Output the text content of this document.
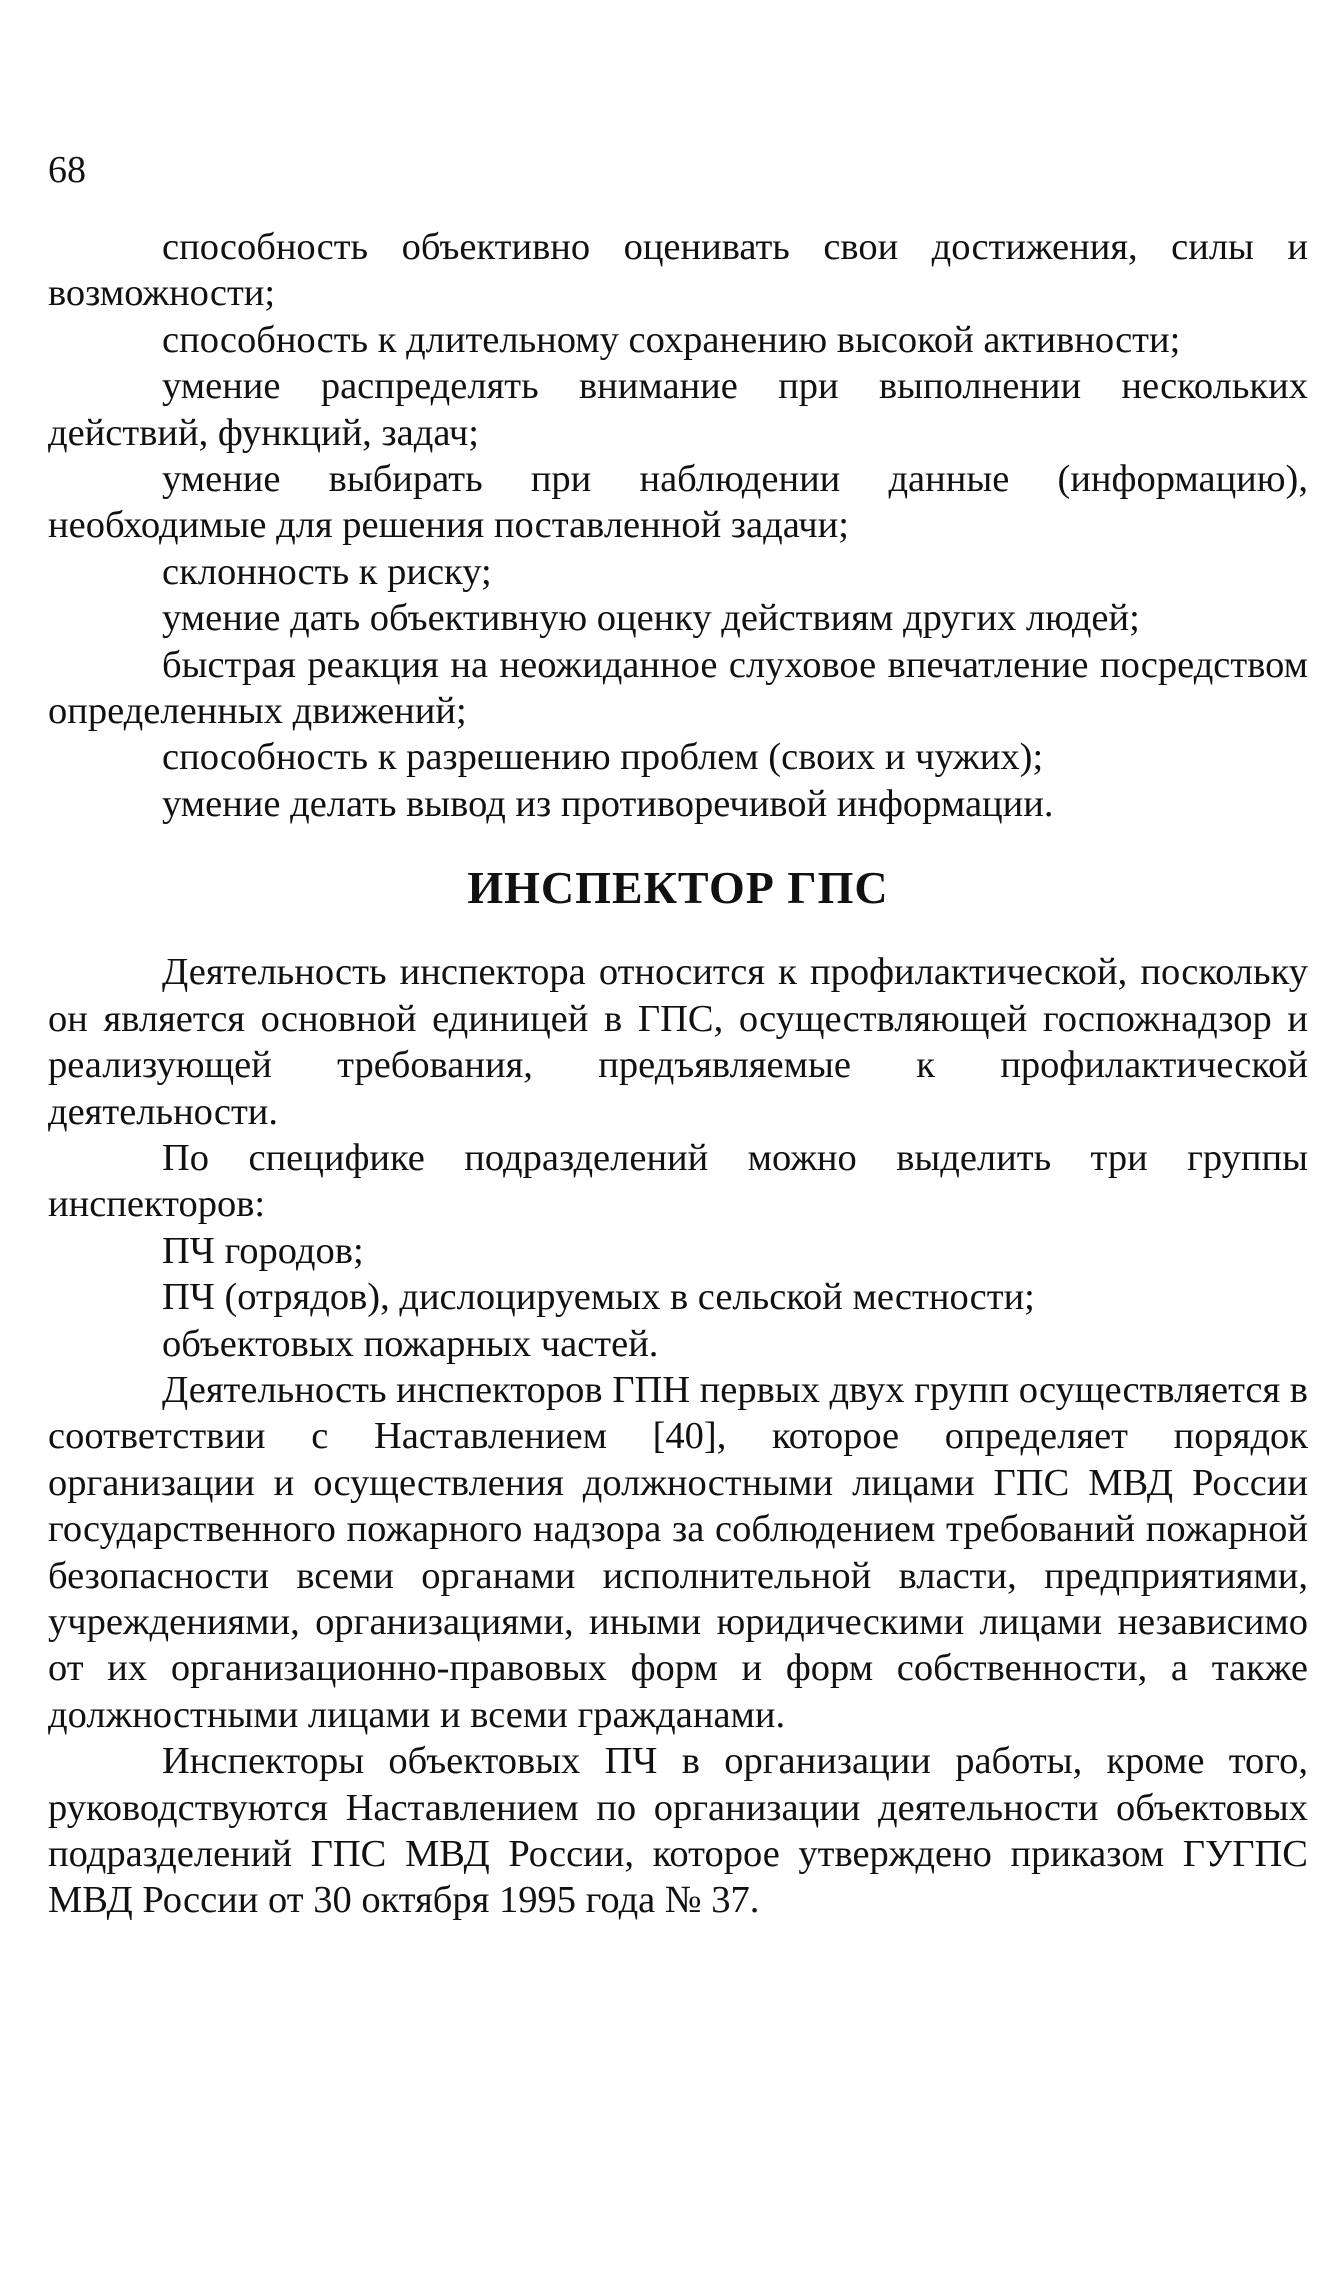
68

способность объективно оценивать свои достижения, силы и возможности;

способность к длительному сохранению высокой активности;

умение распределять внимание при выполнении нескольких действий, функций, задач;

умение выбирать при наблюдении данные (информацию), необходимые для решения поставленной задачи;

склонность к риску;

умение дать объективную оценку действиям других людей;

быстрая реакция на неожиданное слуховое впечатление посредством определенных движений;

способность к разрешению проблем (своих и чужих);

умение делать вывод из противоречивой информации.

ИНСПЕКТОР ГПС

Деятельность инспектора относится к профилактической, поскольку он является основной единицей в ГПС, осуществляющей госпожнадзор и реализующей требования, предъявляемые к профилактической деятельности.

По специфике подразделений можно выделить три группы инспекторов:

ПЧ городов;

ПЧ (отрядов), дислоцируемых в сельской местности;

объектовых пожарных частей.

Деятельность инспекторов ГПН первых двух групп осуществляется в соответствии с Наставлением [40], которое определяет порядок организации и осуществления должностными лицами ГПС МВД России государственного пожарного надзора за соблюдением требований пожарной безопасности всеми органами исполнительной власти, предприятиями, учреждениями, организациями, иными юридическими лицами независимо от их организационно-правовых форм и форм собственности, а также должностными лицами и всеми гражданами.

Инспекторы объектовых ПЧ в организации работы, кроме того, руководствуются Наставлением по организации деятельности объектовых подразделений ГПС МВД России, которое утверждено приказом ГУГПС МВД России от 30 октября 1995 года № 37.
